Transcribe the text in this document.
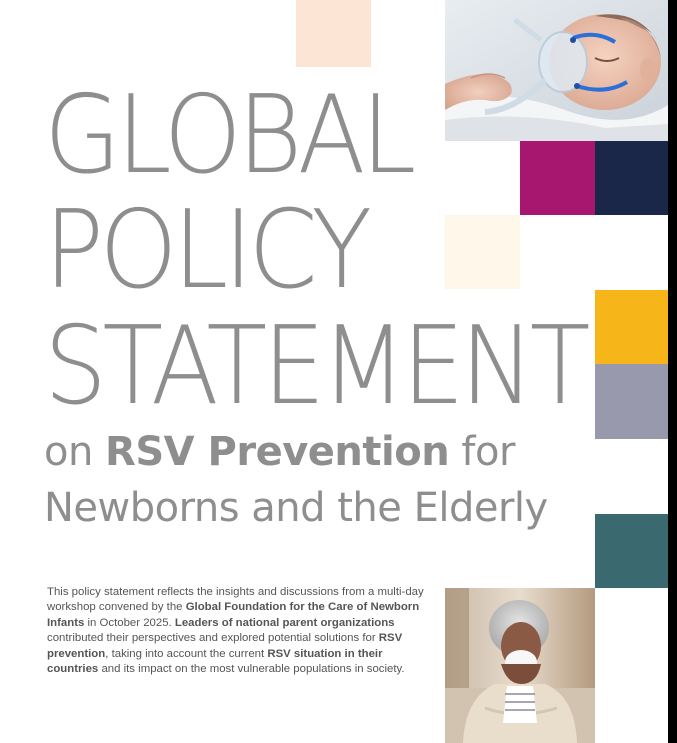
GLOBAL
POLICY
STATEMENT
on RSV Prevention for
Newborns and the Elderly

This policy statement reflects the insights and discussions from a multi-day workshop convened by the Global Foundation for the Care of Newborn Infants in October 2025. Leaders of national parent organizations contributed their perspectives and explored potential solutions for RSV prevention, taking into account the current RSV situation in their countries and its impact on the most vulnerable populations in society.
